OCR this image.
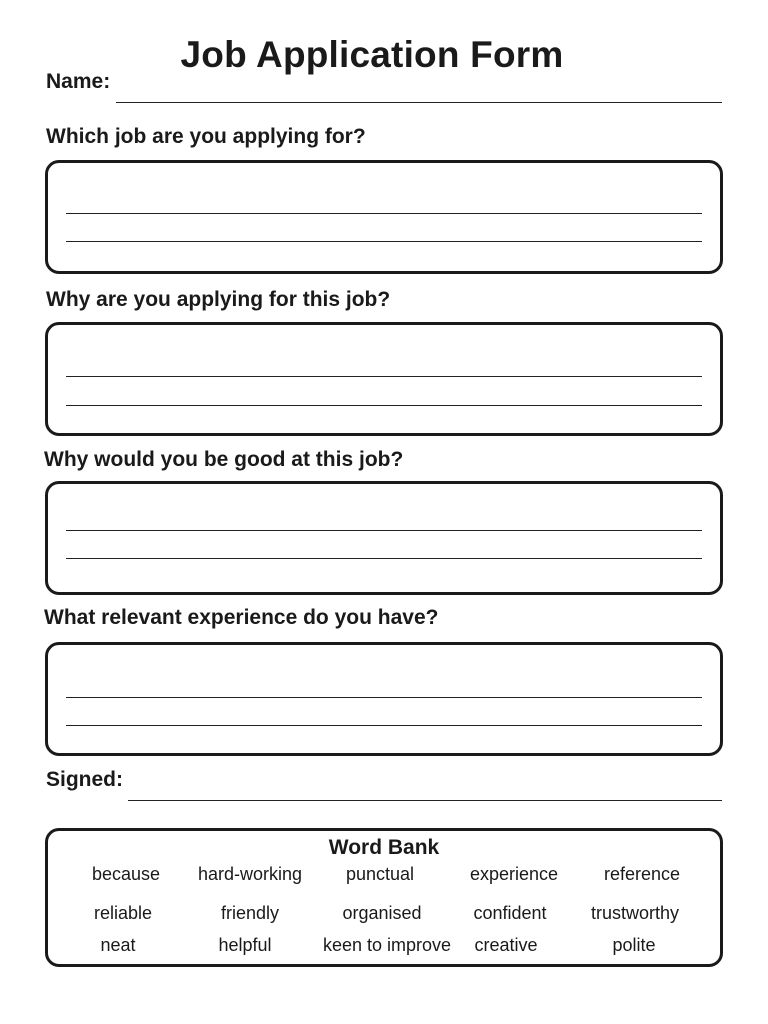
Job Application Form
Name:
Which job are you applying for?
Why are you applying for this job?
Why would you be good at this job?
What relevant experience do you have?
Signed:
Word Bank
because	hard-working	punctual	experience	reference
reliable	friendly	organised	confident	trustworthy
neat	helpful	keen to improve	creative	polite
